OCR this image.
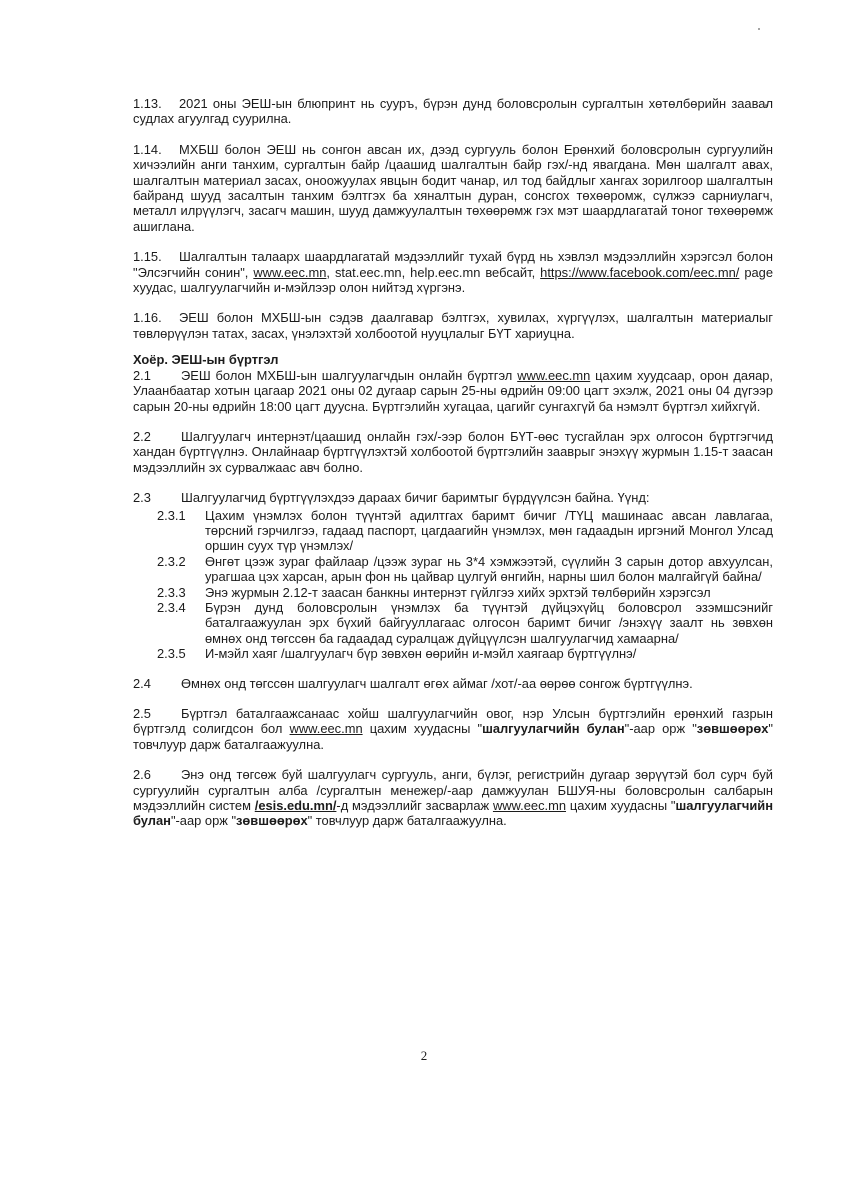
1.13. 2021 оны ЭЕШ-ын блюпринт нь сууръ, бүрэн дунд боловсролын сургалтын хөтөлбөрийн заавал судлах агуулгад суурилна.

1.14. МХБШ болон ЭЕШ нь сонгон авсан их, дээд сургууль болон Ерөнхий боловсролын сургуулийн хичээлийн анги танхим, сургалтын байр /цаашид шалгалтын байр гэх/-нд явагдана. Мөн шалгалт авах, шалгалтын материал засах, оноожуулах явцын бодит чанар, ил тод байдлыг хангах зорилгоор шалгалтын байранд шууд засалтын танхим бэлтгэх ба хяналтын дуран, сонсгох төхөөромж, сүлжээ сарниулагч, металл илрүүлэгч, засагч машин, шууд дамжуулалтын төхөөрөмж гэх мэт шаардлагатай тоног төхөөрөмж ашиглана.

1.15. Шалгалтын талаарх шаардлагатай мэдээллийг тухай бүрд нь хэвлэл мэдээллийн хэрэгсэл болон "Элсэгчийн сонин", www.eec.mn, stat.eec.mn, help.eec.mn вебсайт, https://www.facebook.com/eec.mn/ page хуудас, шалгуулагчийн и-мэйлээр олон нийтэд хүргэнэ.

1.16. ЭЕШ болон МХБШ-ын сэдэв даалгавар бэлтгэх, хувилах, хүргүүлэх, шалгалтын материалыг төвлөрүүлэн татах, засах, үнэлэхтэй холбоотой нууцлалыг БҮТ хариуцна.

Хоёр. ЭЕШ-ын бүртгэл

2.1 ЭЕШ болон МХБШ-ын шалгуулагчдын онлайн бүртгэл www.eec.mn цахим хуудсаар, орон даяар, Улаанбаатар хотын цагаар 2021 оны 02 дугаар сарын 25-ны өдрийн 09:00 цагт эхэлж, 2021 оны 04 дүгээр сарын 20-ны өдрийн 18:00 цагт дуусна. Бүртгэлийн хугацаа, цагийг сунгахгүй ба нэмэлт бүртгэл хийхгүй.

2.2 Шалгуулагч интернэт/цаашид онлайн гэх/-ээр болон БҮТ-өөс тусгайлан эрх олгосон бүртгэгчид хандан бүртгүүлнэ. Онлайнаар бүртгүүлэхтэй холбоотой бүртгэлийн зааврыг энэхүү журмын 1.15-т заасан мэдээллийн эх сурвалжаас авч болно.

2.3 Шалгуулагчид бүртгүүлэхдээ дараах бичиг баримтыг бүрдүүлсэн байна. Үүнд:

2.3.1	Цахим үнэмлэх болон түүнтэй адилтгах баримт бичиг /ТҮЦ машинаас авсан лавлагаа, төрсний гэрчилгээ, гадаад паспорт, цагдаагийн үнэмлэх, мөн гадаадын иргэний Монгол Улсад оршин суух түр үнэмлэх/
2.3.2	Өнгөт цээж зураг файлаар /цээж зураг нь 3*4 хэмжээтэй, сүүлийн 3 сарын дотор авхуулсан, урагшаа цэх харсан, арын фон нь цайвар цулгуй өнгийн, нарны шил болон малгайгүй байна/
2.3.3	Энэ журмын 2.12-т заасан банкны интернэт гүйлгээ хийх эрхтэй төлбөрийн хэрэгсэл
2.3.4	Бүрэн дунд боловсролын үнэмлэх ба түүнтэй дүйцэхүйц боловсрол эзэмшсэнийг баталгаажуулан эрх бүхий байгууллагаас олгосон баримт бичиг /энэхүү заалт нь зөвхөн өмнөх онд төгссөн ба гадаадад суралцаж дүйцүүлсэн шалгуулагчид хамаарна/
2.3.5	И-мэйл хаяг /шалгуулагч бүр зөвхөн өөрийн и-мэйл хаягаар бүртгүүлнэ/

2.4 Өмнөх онд төгссөн шалгуулагч шалгалт өгөх аймаг /хот/-аа өөрөө сонгож бүртгүүлнэ.

2.5 Бүртгэл баталгаажсанаас хойш шалгуулагчийн овог, нэр Улсын бүртгэлийн ерөнхий газрын бүртгэлд солигдсон бол www.eec.mn цахим хуудасны "шалгуулагчийн булан"-аар орж "зөвшөөрөх" товчлуур дарж баталгаажуулна.

2.6 Энэ онд төгсөж буй шалгуулагч сургууль, анги, бүлэг, регистрийн дугаар зөрүүтэй бол сурч буй сургуулийн сургалтын алба /сургалтын менежер/-аар дамжуулан БШУЯ-ны боловсролын салбарын мэдээллийн систем /esis.edu.mn/-д мэдээллийг засварлаж www.eec.mn цахим хуудасны "шалгуулагчийн булан"-аар орж "зөвшөөрөх" товчлуур дарж баталгаажуулна.

2
